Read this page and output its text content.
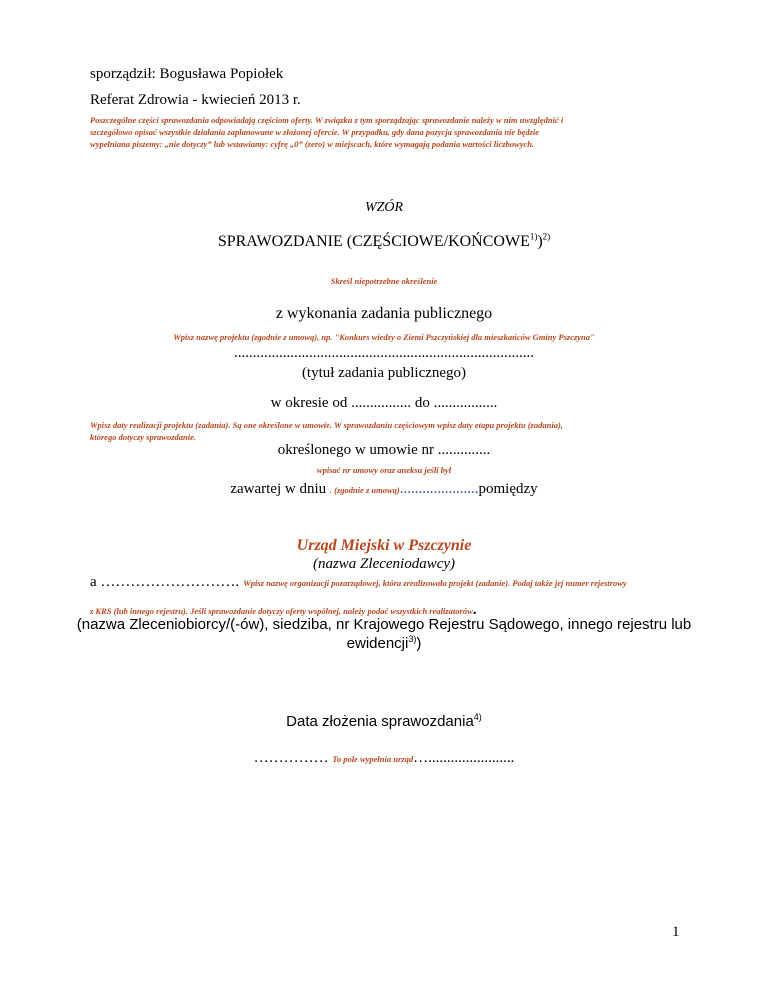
sporządził: Bogusława Popiołek
Referat Zdrowia - kwiecień 2013 r.
Poszczególne części sprawozdania odpowiadają częściom oferty. W związku z tym sporządzając sprawozdanie należy w nim uwzględnić i
szczegółowo opisać wszystkie działania zaplanowane w złożonej ofercie. W przypadku, gdy dana pozycja sprawozdania nie będzie
wypełniana piszemy: „nie dotyczy” lub wstawiamy: cyfrę „0” (zero) w miejscach, które wymagają podania wartości liczbowych.
WZÓR
SPRAWOZDANIE (CZĘŚCIOWE/KOŃCOWE$^{1)}$)$^{2)}$
Skreśl niepotrzebne określenie
z wykonania zadania publicznego
Wpisz nazwę projektu (zgodnie z umową), np. "Konkurs wiedzy o Ziemi Pszczyńskiej dla mieszkańców Gminy Pszczyna"
................................................................................
(tytuł zadania publicznego)
w okresie od ................ do .................
Wpisz daty realizacji projektu (zadania). Są one określone w umowie. W sprawozdaniu częściowym wpisz daty etapu projektu (zadania),
którego dotyczy sprawozdanie.
określonego w umowie nr ..............
wpisać nr umowy oraz aneksu jeśli był
zawartej w dniu . (zgodnie z umową).....................pomiędzy
Urząd Miejski w Pszczynie
(nazwa Zleceniodawcy)
a ………………………. Wpisz nazwę organizacji pozarządowej, która zrealizowała projekt (zadanie). Podaj także jej numer rejestrowy
z KRS (lub innego rejestru). Jeśli sprawozdanie dotyczy oferty wspólnej, należy podać wszystkich realizatorów.
(nazwa Zleceniobiorcy/(-ów), siedziba, nr Krajowego Rejestru Sądowego, innego rejestru lub
ewidencji$^{3)}$)
Data złożenia sprawozdania$^{4)}$
…………… To pole wypełnia urząd….......................
1
